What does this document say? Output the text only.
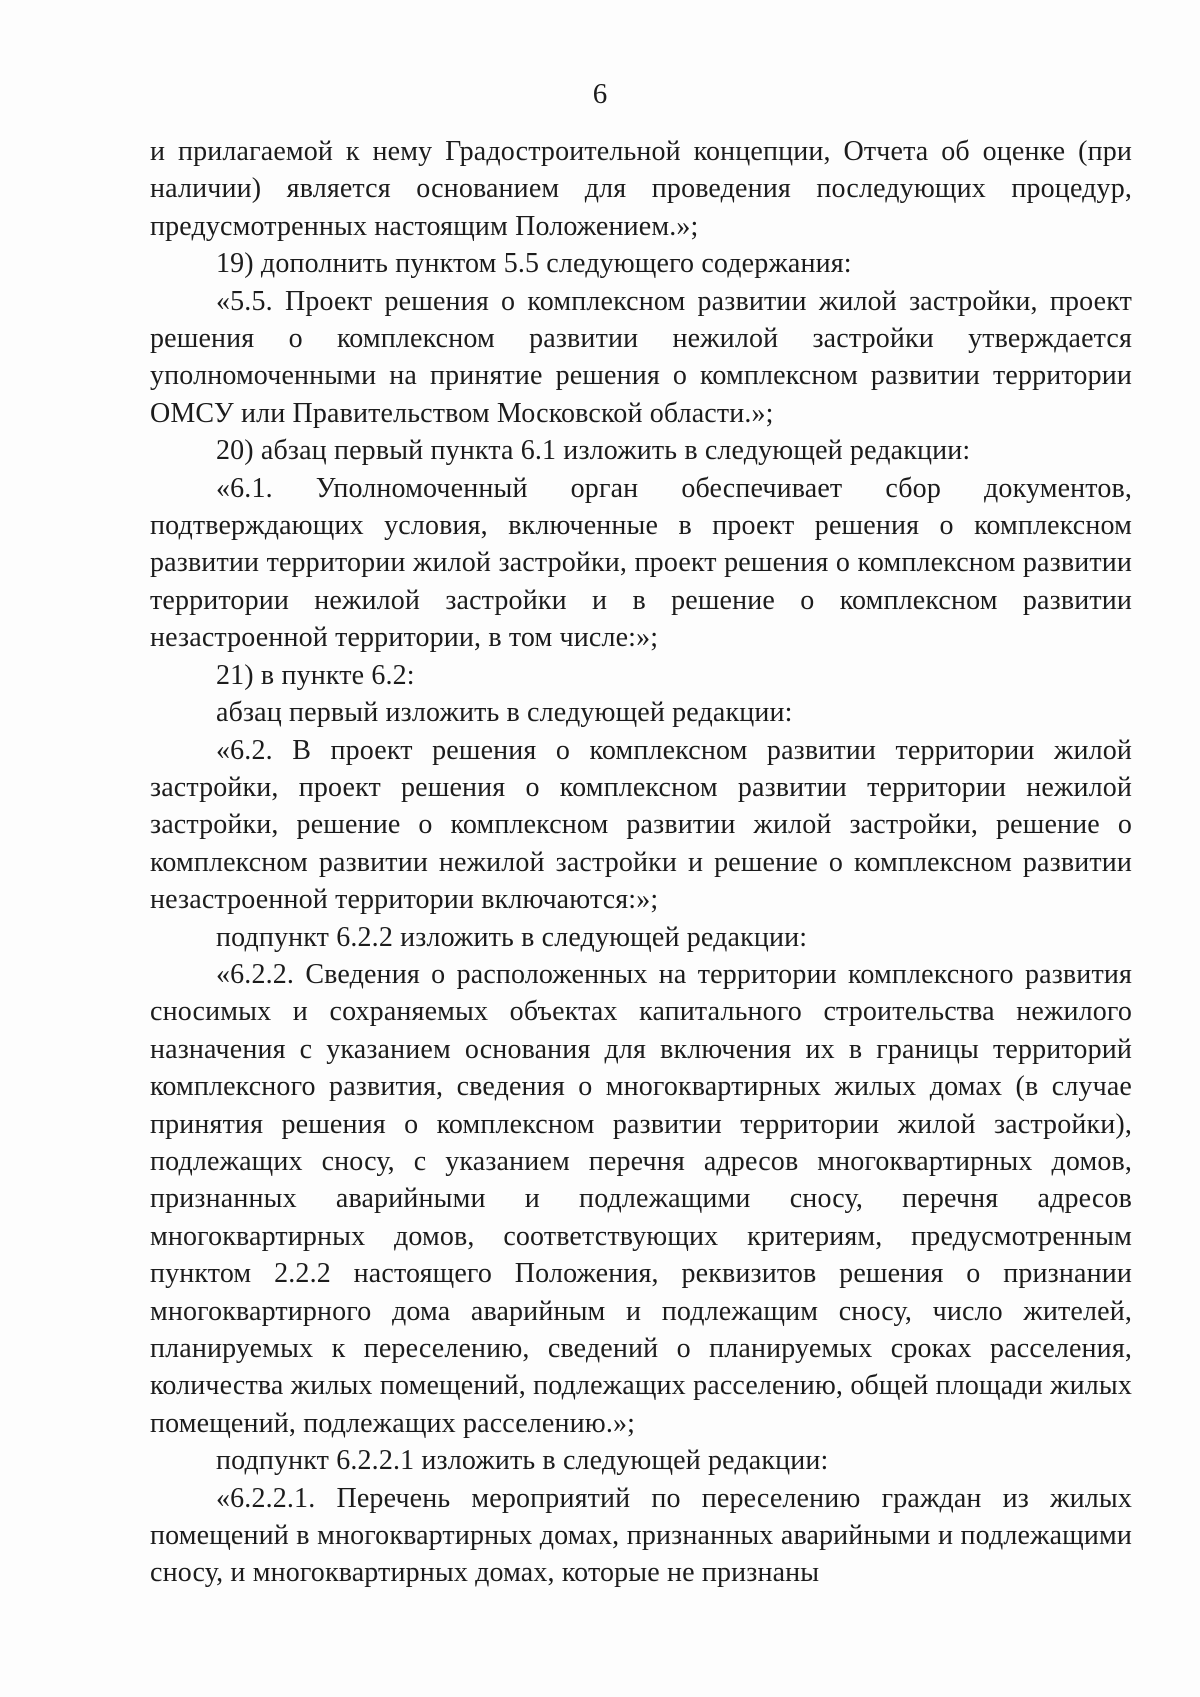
6

и прилагаемой к нему Градостроительной концепции, Отчета об оценке (при наличии) является основанием для проведения последующих процедур, предусмотренных настоящим Положением.»;

19) дополнить пунктом 5.5 следующего содержания:

«5.5. Проект решения о комплексном развитии жилой застройки, проект решения о комплексном развитии нежилой застройки утверждается уполномоченными на принятие решения о комплексном развитии территории ОМСУ или Правительством Московской области.»;

20) абзац первый пункта 6.1 изложить в следующей редакции:

«6.1. Уполномоченный орган обеспечивает сбор документов, подтверждающих условия, включенные в проект решения о комплексном развитии территории жилой застройки, проект решения о комплексном развитии территории нежилой застройки и в решение о комплексном развитии незастроенной территории, в том числе:»;

21) в пункте 6.2:

абзац первый изложить в следующей редакции:

«6.2. В проект решения о комплексном развитии территории жилой застройки, проект решения о комплексном развитии территории нежилой застройки, решение о комплексном развитии жилой застройки, решение о комплексном развитии нежилой застройки и решение о комплексном развитии незастроенной территории включаются:»;

подпункт 6.2.2 изложить в следующей редакции:

«6.2.2. Сведения о расположенных на территории комплексного развития сносимых и сохраняемых объектах капитального строительства нежилого назначения с указанием основания для включения их в границы территорий комплексного развития, сведения о многоквартирных жилых домах (в случае принятия решения о комплексном развитии территории жилой застройки), подлежащих сносу, с указанием перечня адресов многоквартирных домов, признанных аварийными и подлежащими сносу, перечня адресов многоквартирных домов, соответствующих критериям, предусмотренным пунктом 2.2.2 настоящего Положения, реквизитов решения о признании многоквартирного дома аварийным и подлежащим сносу, число жителей, планируемых к переселению, сведений о планируемых сроках расселения, количества жилых помещений, подлежащих расселению, общей площади жилых помещений, подлежащих расселению.»;

подпункт 6.2.2.1 изложить в следующей редакции:

«6.2.2.1. Перечень мероприятий по переселению граждан из жилых помещений в многоквартирных домах, признанных аварийными и подлежащими сносу, и многоквартирных домах, которые не признаны
